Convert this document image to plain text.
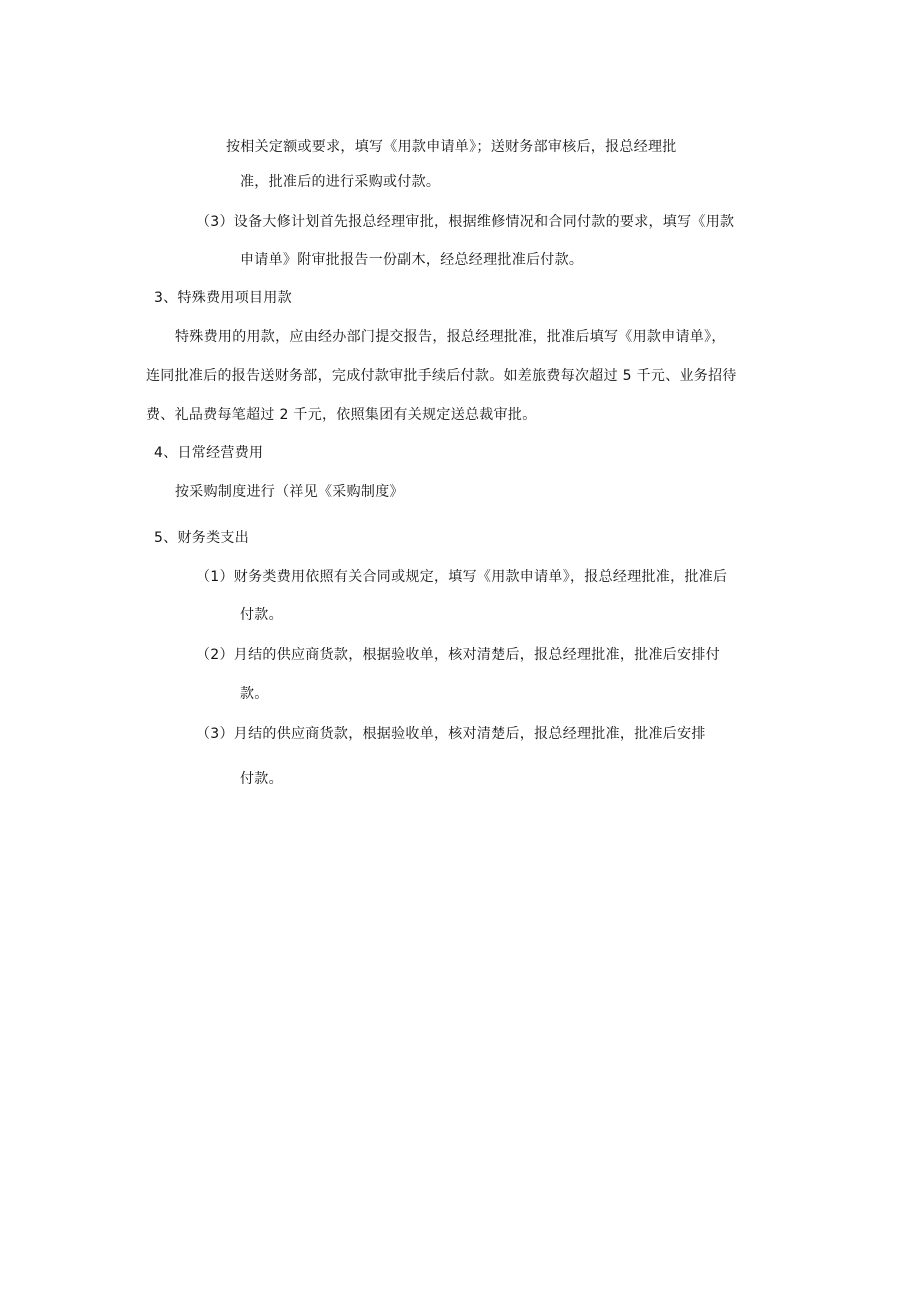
按相关定额或要求，填写《用款申请单》；送财务部审核后，报总经理批
准，批准后的进行采购或付款。
（3）设备大修计划首先报总经理审批，根据维修情况和合同付款的要求，填写《用款
申请单》附审批报告一份副木，经总经理批准后付款。
3、特殊费用项目用款
特殊费用的用款，应由经办部门提交报告，报总经理批准，批准后填写《用款申请单》，
连同批准后的报告送财务部，完成付款审批手续后付款。如差旅费每次超过 5 千元、业务招待
费、礼品费每笔超过 2 千元，依照集团有关规定送总裁审批。
4、日常经营费用
按采购制度进行（祥见《采购制度》
5、财务类支出
（1）财务类费用依照有关合同或规定，填写《用款申请单》，报总经理批准，批准后
付款。
（2）月结的供应商货款，根据验收单，核对清楚后，报总经理批准，批准后安排付
款。
（3）月结的供应商货款，根据验收单，核对清楚后，报总经理批准，批准后安排
付款。
